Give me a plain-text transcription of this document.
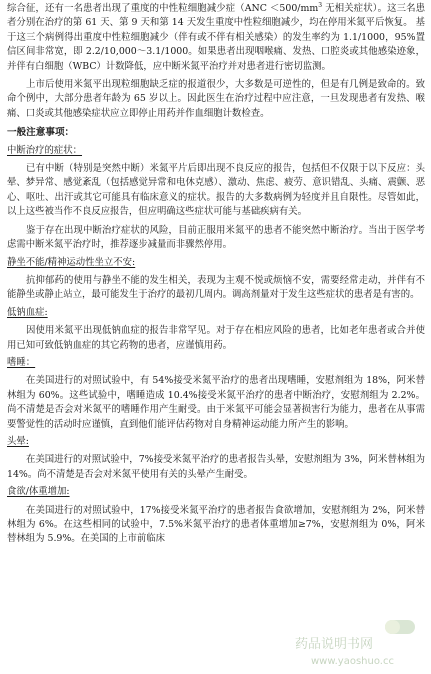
综合征，还有一名患者出现了重度的中性粒细胞减少症（$ANC <500/mm^3$ 无相关症状）。这三名患者分别在治疗的第 61 天、第 9 天和第 14 天发生重度中性粒细胞减少，均在停用米氮平后恢复。 基于这三个病例得出重度中性粒细胞减少（伴有或不伴有相关感染）的发生率约为 1.1/1000，95%置信区间非常宽，即 2.2/10,000～3.1/1000。如果患者出现咽喉痛、发热、口腔炎或其他感染迹象，并伴有白细胞（WBC）计数降低，应中断米氮平治疗并对患者进行密切监测。

上市后使用米氮平出现粒细胞缺乏症的报道很少，大多数是可逆性的，但是有几例是致命的。致命个例中，大部分患者年龄为 65 岁以上。因此医生在治疗过程中应注意，一旦发现患者有发热、喉痛、口炎或其他感染症状应立即停止用药并作血细胞计数检查。

一般注意事项：

中断治疗的症状：

已有中断（特别是突然中断）米氮平片后即出现不良反应的报告，包括但不仅限于以下反应：头晕、梦异常、感觉紊乱（包括感觉异常和电休克感）、激动、焦虑、疲劳、意识错乱、头痛、震颤、恶心、呕吐、出汗或其它可能具有临床意义的症状。报告的大多数病例为轻度并且自限性。尽管如此，以上这些被当作不良反应报告，但应明确这些症状可能与基础疾病有关。

鉴于存在出现中断治疗症状的风险，目前正服用米氮平的患者不能突然中断治疗。当出于医学考虑需中断米氮平治疗时，推荐逐步减量而非骤然停用。

静坐不能/精神运动性坐立不安:

抗抑郁药的使用与静坐不能的发生相关，表现为主观不悦或烦恼不安，需要经常走动，并伴有不能静坐或静止站立，最可能发生于治疗的最初几周内。调高剂量对于发生这些症状的患者是有害的。

低钠血症:

因使用米氮平出现低钠血症的报告非常罕见。对于存在相应风险的患者，比如老年患者或合并使用已知可致低钠血症的其它药物的患者，应谨慎用药。

嗜睡：

在美国进行的对照试验中，有 54%接受米氮平治疗的患者出现嗜睡，安慰剂组为 18%，阿米替林组为 60%。这些试验中，嗜睡造成 10.4%接受米氮平治疗的患者中断治疗，安慰剂组为 2.2%。尚不清楚是否会对米氮平的嗜睡作用产生耐受。由于米氮平可能会显著损害行为能力，患者在从事需要警觉性的活动时应谨慎，直到他们能评估药物对自身精神运动能力所产生的影响。

头晕:

在美国进行的对照试验中，7%接受米氮平治疗的患者报告头晕，安慰剂组为 3%，阿米替林组为 14%。尚不清楚是否会对米氮平使用有关的头晕产生耐受。

食欲/体重增加:

在美国进行的对照试验中，17%接受米氮平治疗的患者报告食欲增加，安慰剂组为 2%，阿米替林组为 6%。在这些相同的试验中，7.5%米氮平治疗的患者体重增加≥7%，安慰剂组为 0%，阿米替林组为 5.9%。在美国的上市前临床

药品说明书网
www.yaoshuo.cc
